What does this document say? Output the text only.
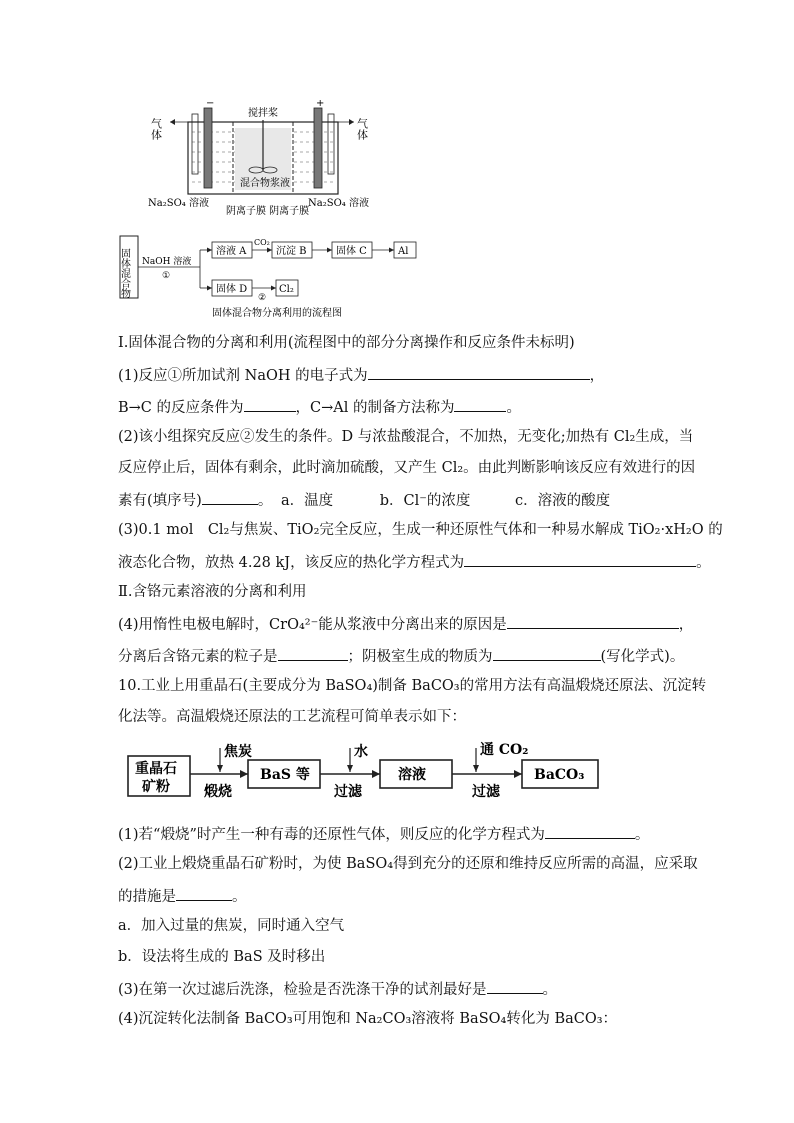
气体	气体
−	+
搅拌桨
混合物浆液
Na₂SO₄ 溶液	Na₂SO₄ 溶液
阴离子膜 阴离子膜
固体混合物 NaOH 溶液
①
溶液 A
CO₂
沉淀 B	固体 C	Al
固体 D
②
Cl₂
固体混合物分离利用的流程图
Ⅰ.固体混合物的分离和利用(流程图中的部分分离操作和反应条件未标明)
(1)反应①所加试剂 NaOH 的电子式为	，
B→C 的反应条件为	，C→Al 的制备方法称为	。
(2)该小组探究反应②发生的条件。D 与浓盐酸混合，不加热，无变化;加热有 Cl₂生成，当
反应停止后，固体有剩余，此时滴加硫酸，又产生 Cl₂。由此判断影响该反应有效进行的因
素有(填序号)	。 a．温度	b．Cl⁻的浓度	c．溶液的酸度
(3)0.1 mol　Cl₂与焦炭、TiO₂完全反应，生成一种还原性气体和一种易水解成 TiO₂·xH₂O 的
液态化合物，放热 4.28 kJ，该反应的热化学方程式为	。
Ⅱ.含铬元素溶液的分离和利用
(4)用惰性电极电解时，CrO₄²⁻能从浆液中分离出来的原因是	，
分离后含铬元素的粒子是	；阴极室生成的物质为	(写化学式)。
10.工业上用重晶石(主要成分为 BaSO₄)制备 BaCO₃的常用方法有高温煅烧还原法、沉淀转
化法等。高温煅烧还原法的工艺流程可简单表示如下：
重晶石
矿粉
焦炭
煅烧
BaS 等
水
过滤
溶液
通 CO₂
过滤
BaCO₃
(1)若“煅烧”时产生一种有毒的还原性气体，则反应的化学方程式为	。
(2)工业上煅烧重晶石矿粉时，为使 BaSO₄得到充分的还原和维持反应所需的高温，应采取
的措施是	。
a．加入过量的焦炭，同时通入空气
b．设法将生成的 BaS 及时移出
(3)在第一次过滤后洗涤，检验是否洗涤干净的试剂最好是	。
(4)沉淀转化法制备 BaCO₃可用饱和 Na₂CO₃溶液将 BaSO₄转化为 BaCO₃：
